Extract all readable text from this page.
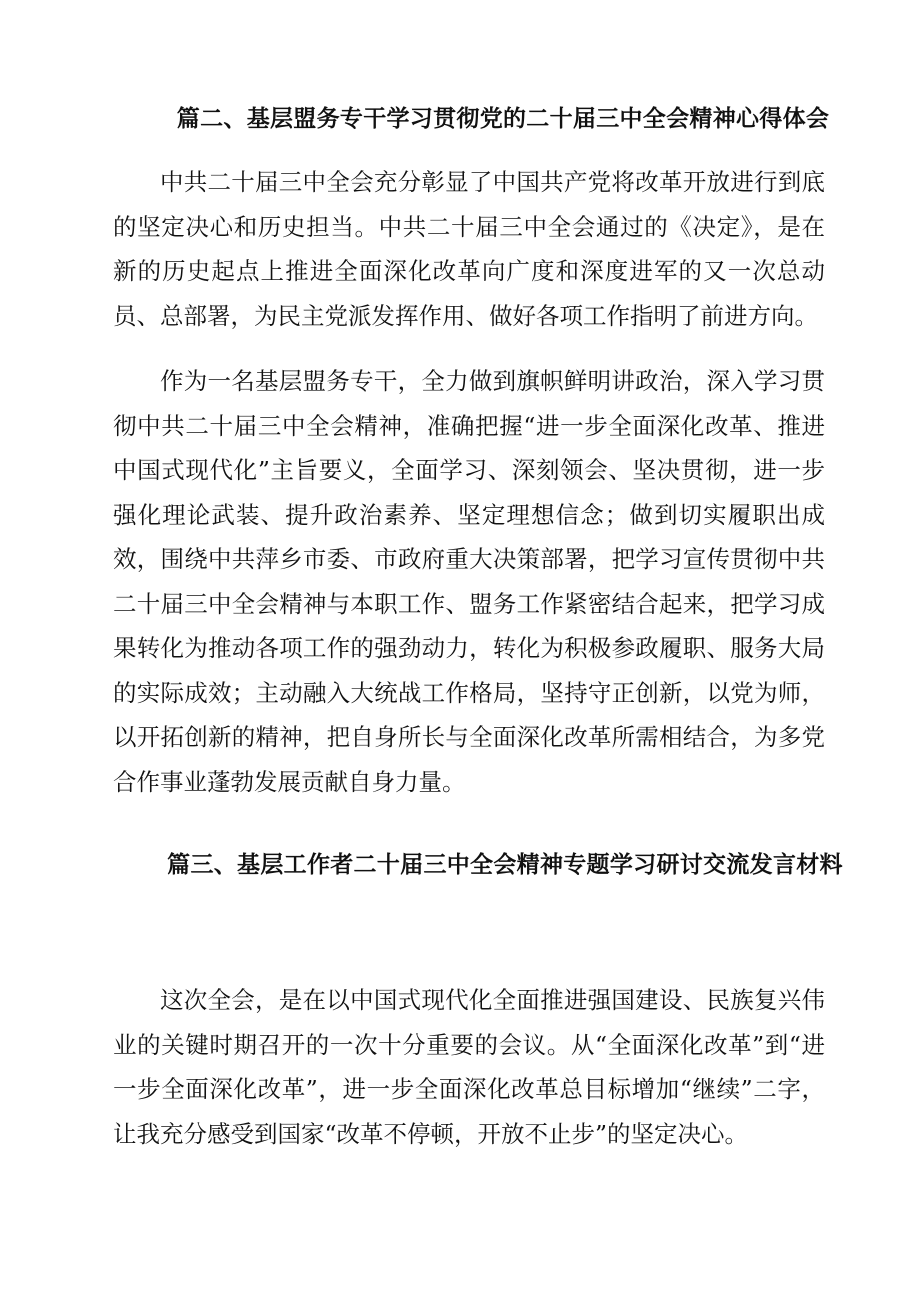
篇二、基层盟务专干学习贯彻党的二十届三中全会精神心得体会

中共二十届三中全会充分彰显了中国共产党将改革开放进行到底的坚定决心和历史担当。中共二十届三中全会通过的《决定》，是在新的历史起点上推进全面深化改革向广度和深度进军的又一次总动员、总部署，为民主党派发挥作用、做好各项工作指明了前进方向。

作为一名基层盟务专干，全力做到旗帜鲜明讲政治，深入学习贯彻中共二十届三中全会精神，准确把握“进一步全面深化改革、推进中国式现代化”主旨要义，全面学习、深刻领会、坚决贯彻，进一步强化理论武装、提升政治素养、坚定理想信念；做到切实履职出成效，围绕中共萍乡市委、市政府重大决策部署，把学习宣传贯彻中共二十届三中全会精神与本职工作、盟务工作紧密结合起来，把学习成果转化为推动各项工作的强劲动力，转化为积极参政履职、服务大局的实际成效；主动融入大统战工作格局，坚持守正创新，以党为师，以开拓创新的精神，把自身所长与全面深化改革所需相结合，为多党合作事业蓬勃发展贡献自身力量。

篇三、基层工作者二十届三中全会精神专题学习研讨交流发言材料

这次全会，是在以中国式现代化全面推进强国建设、民族复兴伟业的关键时期召开的一次十分重要的会议。从“全面深化改革”到“进一步全面深化改革”，进一步全面深化改革总目标增加“继续”二字，让我充分感受到国家“改革不停顿，开放不止步”的坚定决心。
